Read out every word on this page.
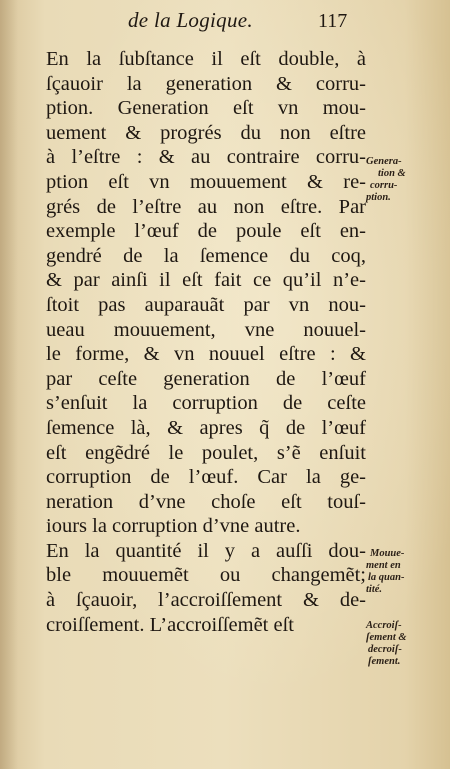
de la Logique.	117
En la ſubſtance il eſt double, à
ſçauoir la generation & corru-
ption. Generation eſt vn mou-
uement & progrés du non eſtre
à l’eſtre : & au contraire corru-
ption eſt vn mouuement & re-
grés de l’eſtre au non eſtre. Par
exemple l’œuf de poule eſt en-
gendré de la ſemence du coq,
& par ainſi il eſt fait ce qu’il n’e-
ſtoit pas auparauãt par vn nou-
ueau mouuement, vne nouuel-
le forme, & vn nouuel eſtre : &
par ceſte generation de l’œuf
s’enſuit la corruption de ceſte
ſemence là, & apres q̃ de l’œuf
eſt engẽdré le poulet, s’ẽ enſuit
corruption de l’œuf. Car la ge-
neration d’vne choſe eſt touſ-
iours la corruption d’vne autre.
En la quantité il y a auſſi dou-
ble mouuemẽt ou changemẽt;
à ſçauoir, l’accroiſſement & de-
croiſſement. L’accroiſſemẽt eſt
Genera-
tion &
corru-
ption.
Mouue-
ment en
la quan-
tité.
Accroiſ-
ſement &
decroiſ-
ſement.
